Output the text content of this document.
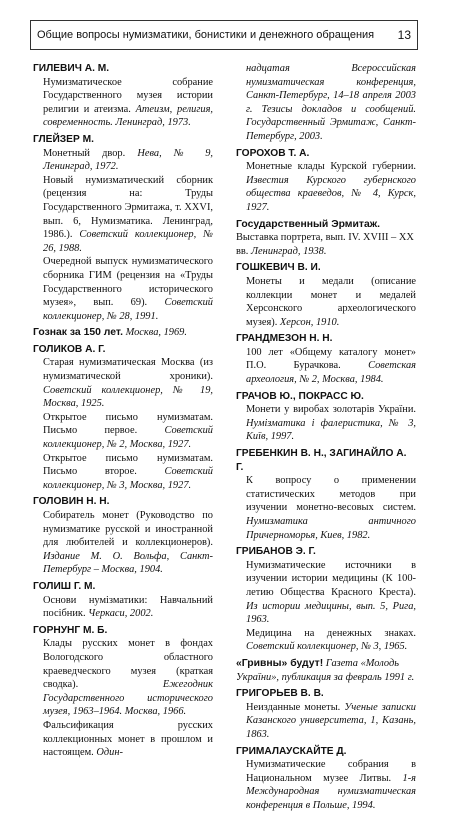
Общие вопросы нумизматики, бонистики и денежного обращения 13
ГИЛЕВИЧ А. М.
Нумизматическое собрание Государственного музея истории религии и атеизма. Атеизм, религия, современность. Ленинград, 1973.
ГЛЕЙЗЕР М.
Монетный двор. Нева, № 9, Ленинград, 1972.
Новый нумизматический сборник (рецензия на: Труды Государственного Эрмитажа, т. XXVI, вып. 6, Нумизматика. Ленинград, 1986.). Советский коллекционер, № 26, 1988.
Очередной выпуск нумизматического сборника ГИМ (рецензия на «Труды Государственного исторического музея», вып. 69). Советский коллекционер, № 28, 1991.
Гознак за 150 лет. Москва, 1969.
ГОЛИКОВ А. Г.
Старая нумизматическая Москва (из нумизматической хроники). Советский коллекционер, № 19, Москва, 1925.
Открытое письмо нумизматам. Письмо первое. Советский коллекционер, № 2, Москва, 1927.
Открытое письмо нумизматам. Письмо второе. Советский коллекционер, № 3, Москва, 1927.
ГОЛОВИН Н. Н.
Собиратель монет (Руководство по нумизматике русской и иностранной для любителей и коллекционеров). Издание М. О. Вольфа, Санкт-Петербург – Москва, 1904.
ГОЛИШ Г. М.
Основи нумізматики: Навчальний посібник. Черкаси, 2002.
ГОРНУНГ М. Б.
Клады русских монет в фондах Вологодского областного краеведческого музея (краткая сводка). Ежегодник Государственного исторического музея, 1963–1964. Москва, 1966.
Фальсификация русских коллекционных монет в прошлом и настоящем. Один-
надцатая Всероссийская нумизматическая конференция, Санкт-Петербург, 14–18 апреля 2003 г. Тезисы докладов и сообщений. Государственный Эрмитаж, Санкт-Петербург, 2003.
ГОРОХОВ Т. А.
Монетные клады Курской губернии. Известия Курского губернского общества краеведов, № 4, Курск, 1927.
Государственный Эрмитаж. Выставка портрета, вып. IV. XVIII – XX вв. Ленинград, 1938.
ГОШКЕВИЧ В. И.
Монеты и медали (описание коллекции монет и медалей Херсонского археологического музея). Херсон, 1910.
ГРАНДМЕЗОН Н. Н.
100 лет «Общему каталогу монет» П.О. Бурачкова. Советская археология, № 2, Москва, 1984.
ГРАЧОВ Ю., ПОКРАСС Ю.
Монети у виробах золотарів України. Нумізматика і фалеристика, № 3, Київ, 1997.
ГРЕБЕНКИН В. Н., ЗАГИНАЙЛО А. Г.
К вопросу о применении статистических методов при изучении монетно-весовых систем. Нумизматика античного Причерноморья, Киев, 1982.
ГРИБАНОВ Э. Г.
Нумизматические источники в изучении истории медицины (К 100-летию Общества Красного Креста). Из истории медицины, вып. 5, Рига, 1963.
Медицина на денежных знаках. Советский коллекционер, № 3, 1965.
«Гривны» будут! Газета «Молодь України», публикация за февраль 1991 г.
ГРИГОРЬЕВ В. В.
Неизданные монеты. Ученые записки Казанского университета, 1, Казань, 1863.
ГРИМАЛАУСКАЙТЕ Д.
Нумизматические собрания в Национальном музее Литвы. 1-я Международная нумизматическая конференция в Польше, 1994.
